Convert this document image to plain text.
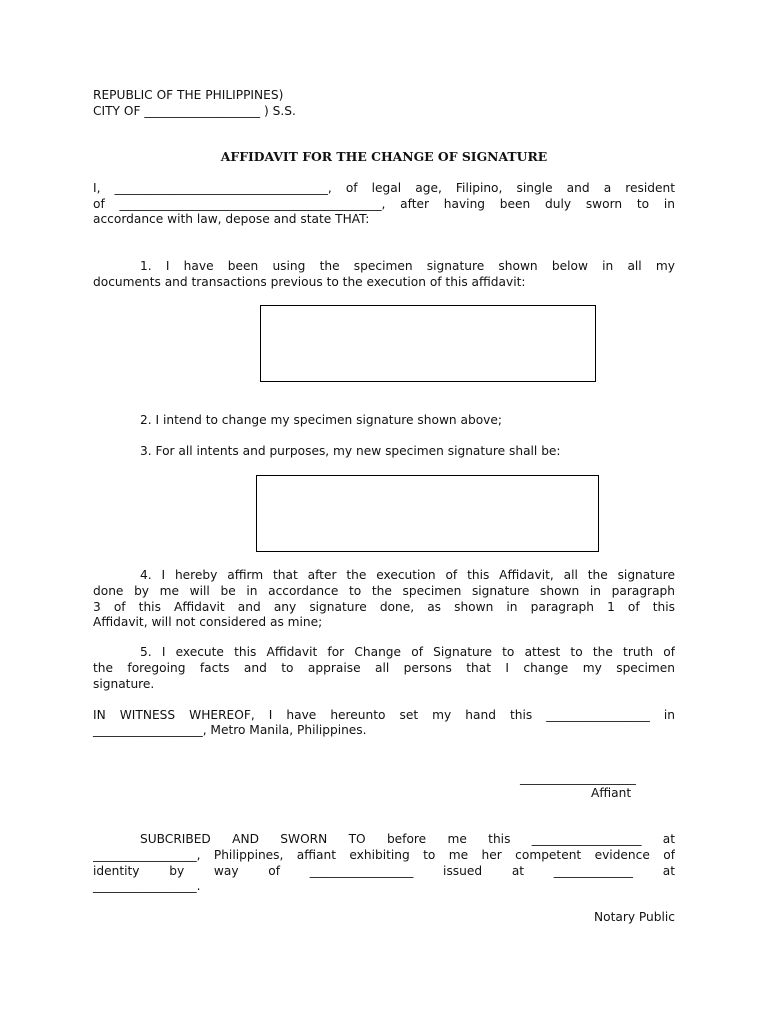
REPUBLIC OF THE PHILIPPINES)
CITY OF ___________________ ) S.S.
AFFIDAVIT FOR THE CHANGE OF SIGNATURE
I, ___________________________________, of legal age, Filipino, single and a resident
of ___________________________________________, after having been duly sworn to in
accordance with law, depose and state THAT:
1. I have been using the specimen signature shown below in all my
documents and transactions previous to the execution of this affidavit:
2. I intend to change my specimen signature shown above;
3. For all intents and purposes, my new specimen signature shall be:
4. I hereby affirm that after the execution of this Affidavit, all the signature
done by me will be in accordance to the specimen signature shown in paragraph
3 of this Affidavit and any signature done, as shown in paragraph 1 of this
Affidavit, will not considered as mine;
5. I execute this Affidavit for Change of Signature to attest to the truth of
the foregoing facts and to appraise all persons that I change my specimen
signature.
IN WITNESS WHEREOF, I have hereunto set my hand this _________________ in
__________________, Metro Manila, Philippines.
___________________
Affiant
SUBCRIBED AND SWORN TO before me this __________________ at
_________________, Philippines, affiant exhibiting to me her competent evidence of
identity by way of _________________ issued at _____________ at
_________________.
Notary Public
